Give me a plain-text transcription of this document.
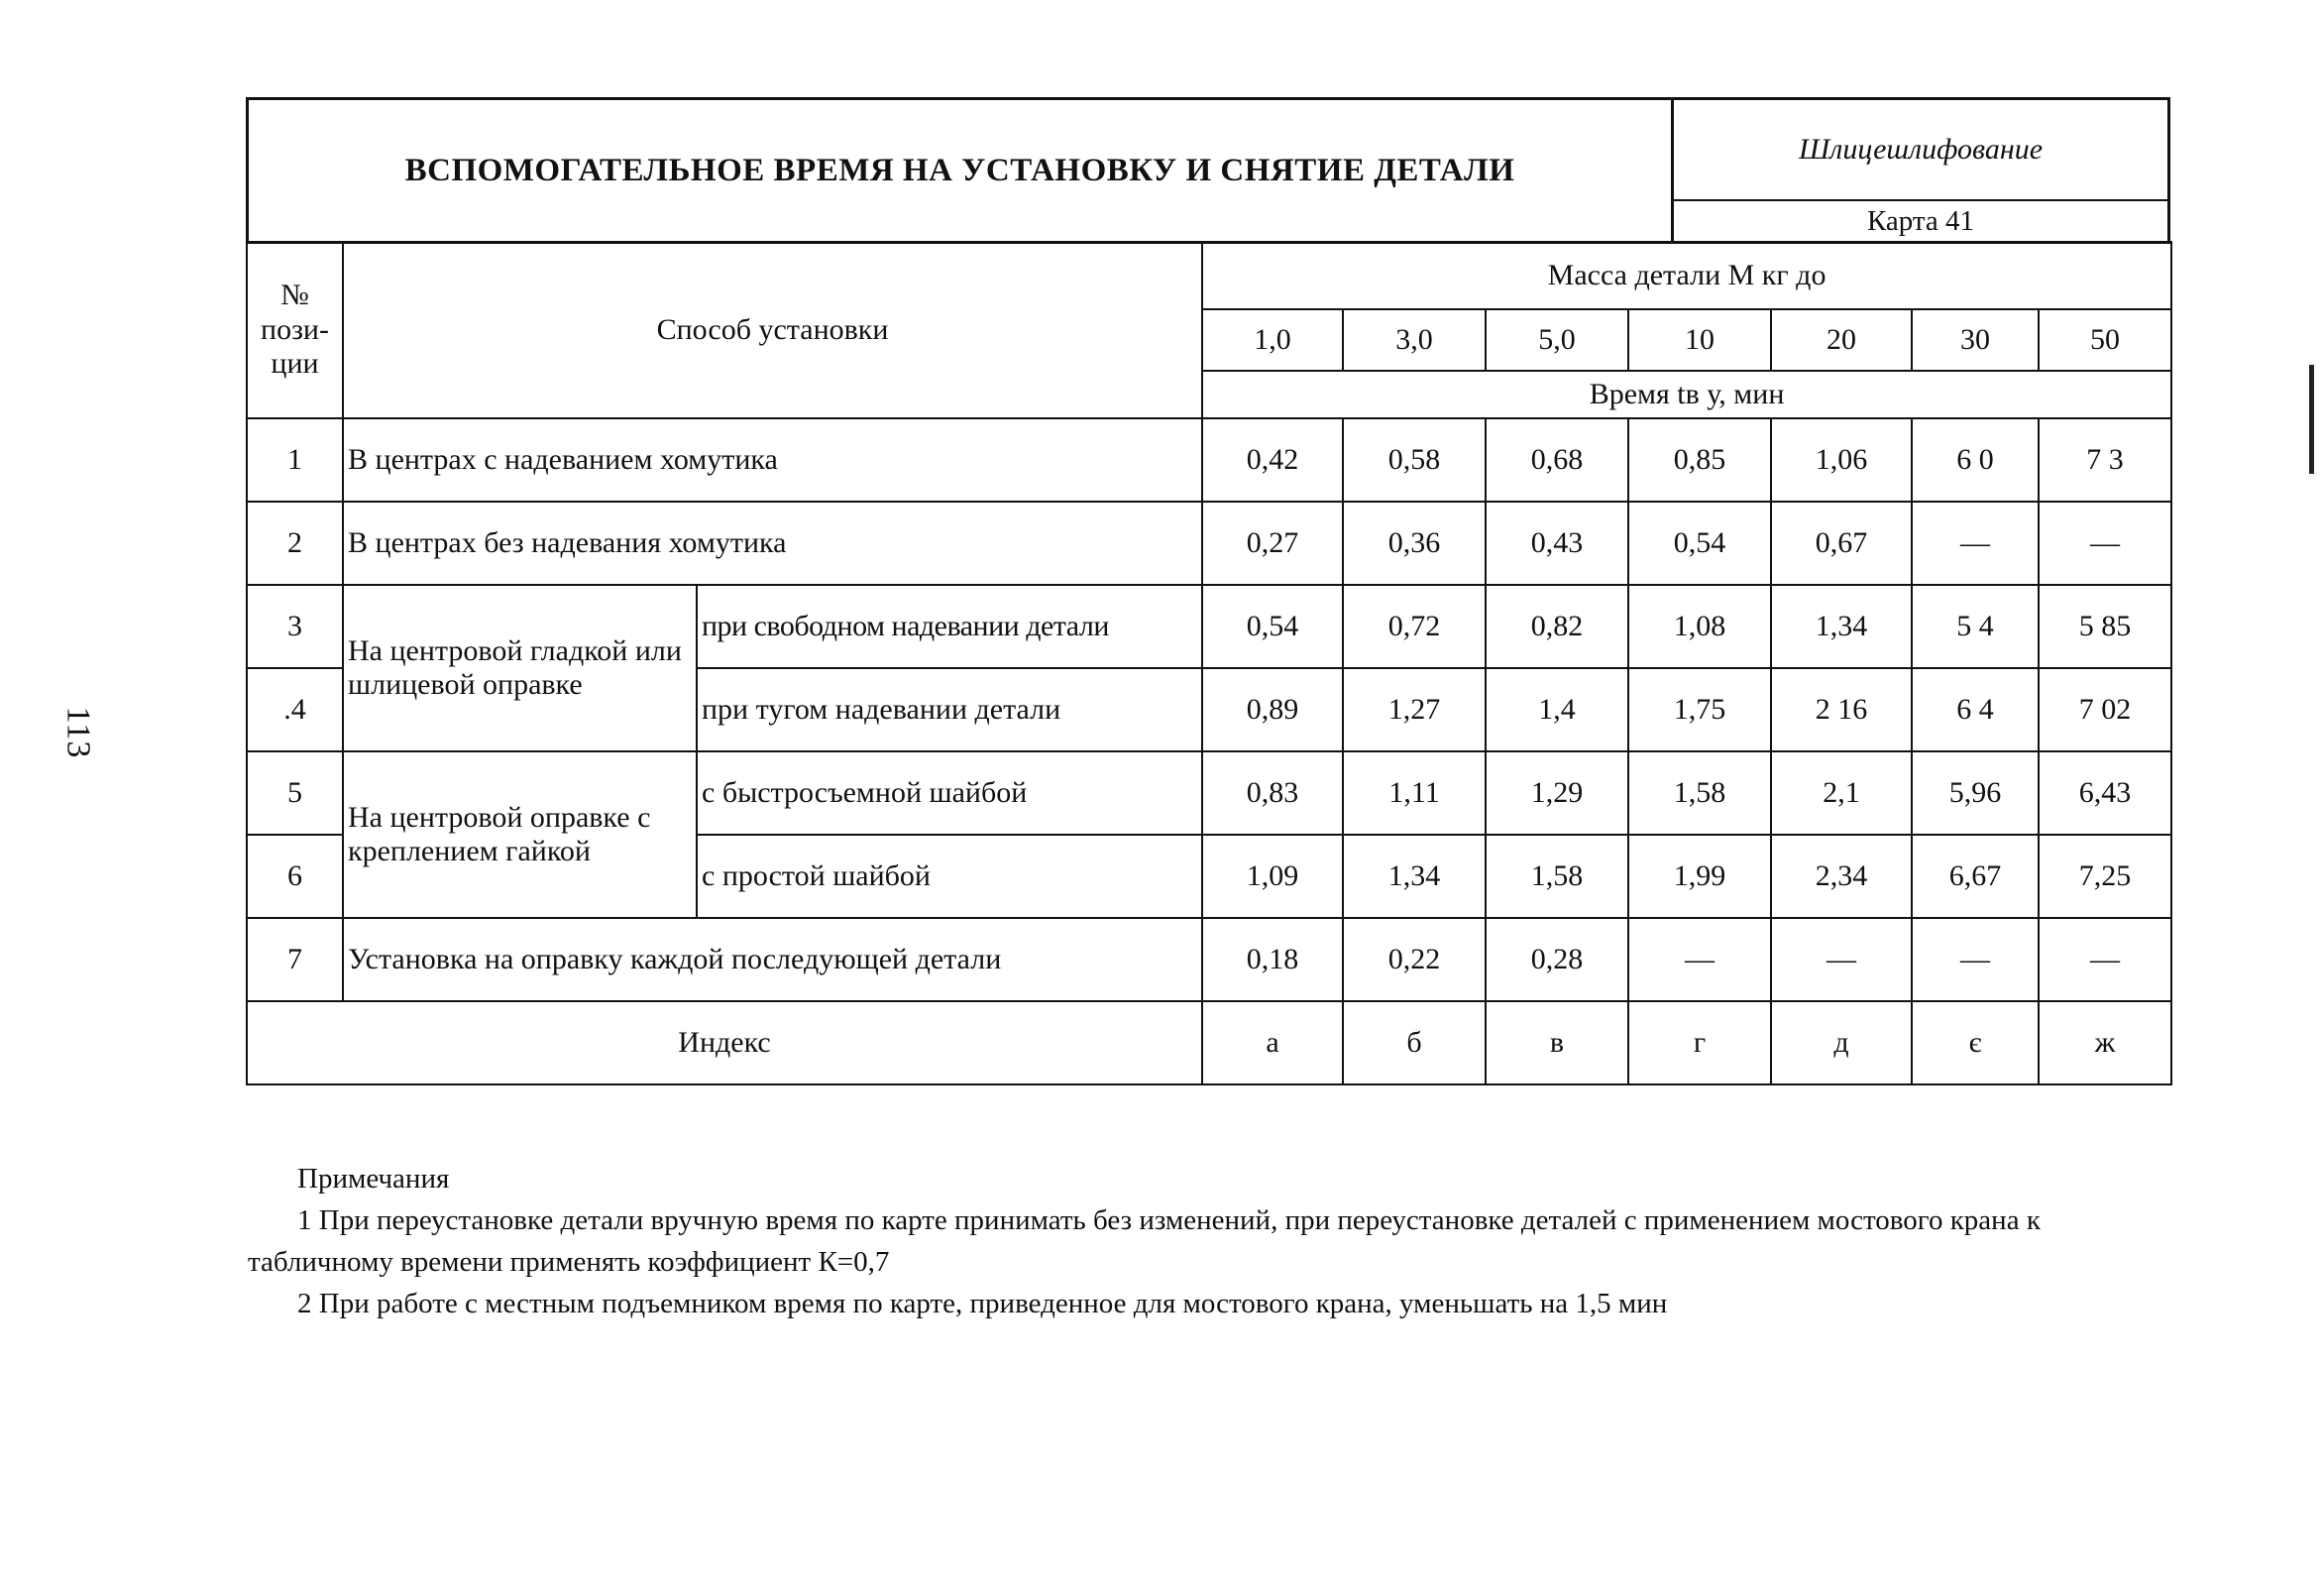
ВСПОМОГАТЕЛЬНОЕ ВРЕМЯ НА УСТАНОВКУ И СНЯТИЕ ДЕТАЛИ
Шлицешлифование
Карта 41
№ пози- ции	Способ установки		Масса детали М кг до						
			1,0	3,0	5,0	10	20	30	50
			Время tв у, мин						
1	В центрах с надеванием хомутика		0,42	0,58	0,68	0,85	1,06	6 0	7 3
2	В центрах без надевания хомутика		0,27	0,36	0,43	0,54	0,67	—	—
3	На центровой гладкой или шлицевой оправке	при свободном надевании детали	0,54	0,72	0,82	1,08	1,34	5 4	5 85
.4		при тугом надевании детали	0,89	1,27	1,4	1,75	2 16	6 4	7 02
5	На центровой оправке с креплением гайкой	с быстросъемной шайбой	0,83	1,11	1,29	1,58	2,1	5,96	6,43
6		с простой шайбой	1,09	1,34	1,58	1,99	2,34	6,67	7,25
7	Установка на оправку каждой последующей детали		0,18	0,22	0,28	—	—	—	—
Индекс			а	б	в	г	д	є	ж
113

Примечания

1 При переустановке детали вручную время по карте принимать без изменений, при переустановке деталей с применением мостового крана к табличному времени применять коэффициент К=0,7

2 При работе с местным подъемником время по карте, приведенное для мостового крана, уменьшать на 1,5 мин
